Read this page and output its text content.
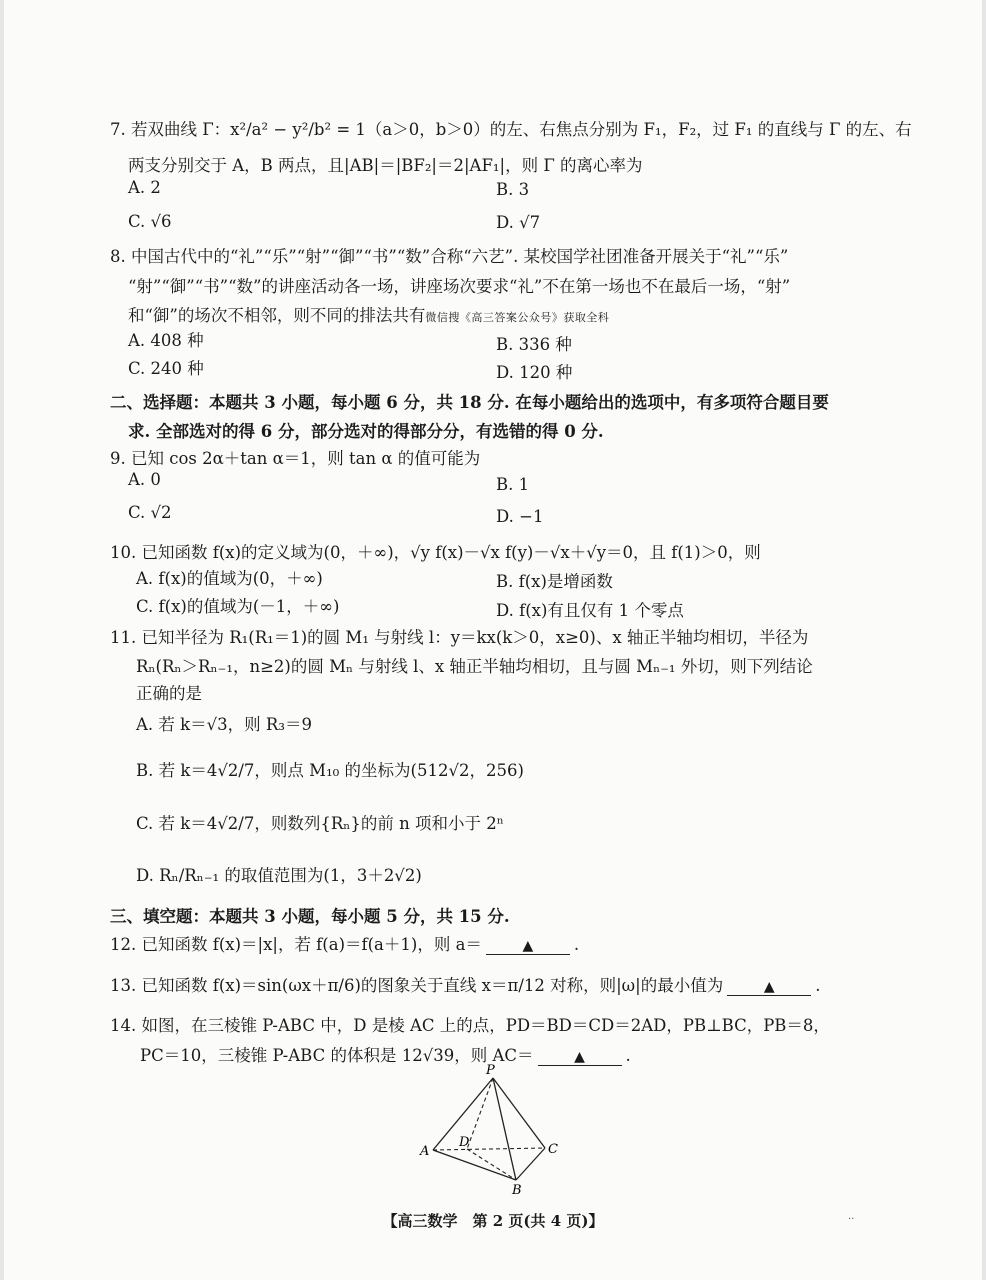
7. 若双曲线 Γ：x²/a² − y²/b² = 1（a＞0，b＞0）的左、右焦点分别为 F₁，F₂，过 F₁ 的直线与 Γ 的左、右
两支分别交于 A，B 两点，且|AB|＝|BF₂|＝2|AF₁|，则 Γ 的离心率为
A. 2	B. 3
C. √6	D. √7
8. 中国古代中的“礼”“乐”“射”“御”“书”“数”合称“六艺”. 某校国学社团准备开展关于“礼”“乐”
“射”“御”“书”“数”的讲座活动各一场，讲座场次要求“礼”不在第一场也不在最后一场，“射”
和“御”的场次不相邻，则不同的排法共有微信搜《高三答案公众号》获取全科
A. 408 种	B. 336 种
C. 240 种	D. 120 种
二、选择题：本题共 3 小题，每小题 6 分，共 18 分. 在每小题给出的选项中，有多项符合题目要
求. 全部选对的得 6 分，部分选对的得部分分，有选错的得 0 分.
9. 已知 cos 2α＋tan α＝1，则 tan α 的值可能为
A. 0	B. 1
C. √2	D. −1
10. 已知函数 f(x)的定义域为(0，＋∞)，√y f(x)－√x f(y)－√x＋√y＝0，且 f(1)＞0，则
A. f(x)的值域为(0，＋∞)	B. f(x)是增函数
C. f(x)的值域为(－1，＋∞)	D. f(x)有且仅有 1 个零点
11. 已知半径为 R₁(R₁＝1)的圆 M₁ 与射线 l：y＝kx(k＞0，x≥0)、x 轴正半轴均相切，半径为
Rₙ(Rₙ＞Rₙ₋₁，n≥2)的圆 Mₙ 与射线 l、x 轴正半轴均相切，且与圆 Mₙ₋₁ 外切，则下列结论
正确的是
A. 若 k＝√3，则 R₃＝9
B. 若 k＝4√2/7，则点 M₁₀ 的坐标为(512√2，256)
C. 若 k＝4√2/7，则数列{Rₙ}的前 n 项和小于 2ⁿ
D. Rₙ/Rₙ₋₁ 的取值范围为(1，3＋2√2)
三、填空题：本题共 3 小题，每小题 5 分，共 15 分.
12. 已知函数 f(x)＝|x|，若 f(a)＝f(a＋1)，则 a＝	▲ .
13. 已知函数 f(x)＝sin(ωx＋π/6)的图象关于直线 x＝π/12 对称，则|ω|的最小值为	▲ .
14. 如图，在三棱锥 P-ABC 中，D 是棱 AC 上的点，PD＝BD＝CD＝2AD，PB⊥BC，PB＝8，
PC＝10，三棱锥 P-ABC 的体积是 12√39，则 AC＝	▲ .
P
A
D	C
B
【高三数学　第 2 页(共 4 页)】	··
